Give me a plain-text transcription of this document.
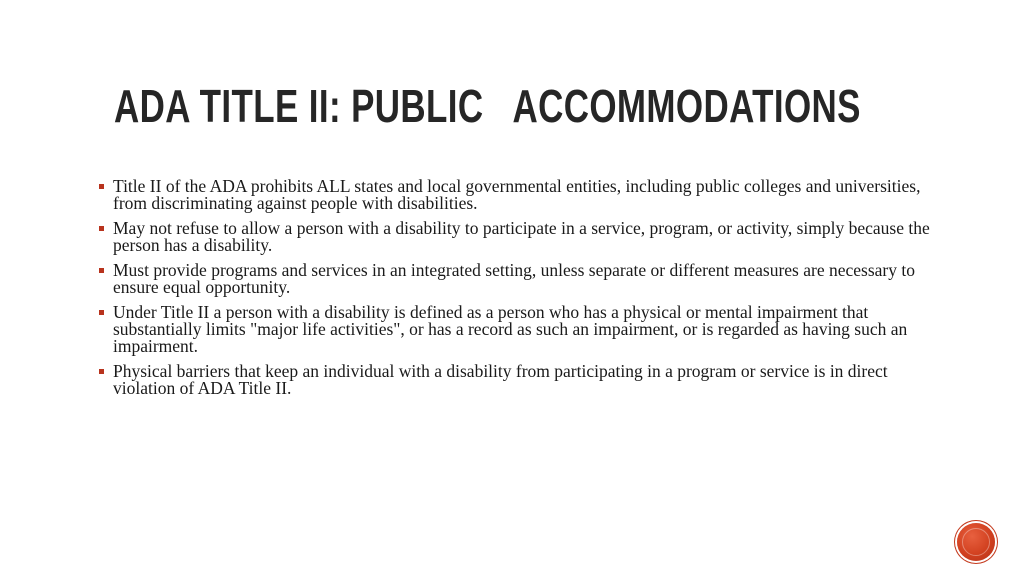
ADA TITLE II: PUBLIC   ACCOMMODATIONS
Title II of the ADA prohibits ALL states and local governmental entities, including public colleges and universities, from discriminating against people with disabilities.
May not refuse to allow a person with a disability to participate in a service, program, or activity, simply because the person has a disability.
Must provide programs and services in an integrated setting, unless separate or different measures are necessary to ensure equal opportunity.
Under Title II a person with a disability is defined as a person who has a physical or mental impairment that substantially limits "major life activities", or has a record as such an impairment, or is regarded as having such an impairment.
Physical barriers that keep an individual with a disability from participating in a program or service is in direct violation of ADA Title II.
